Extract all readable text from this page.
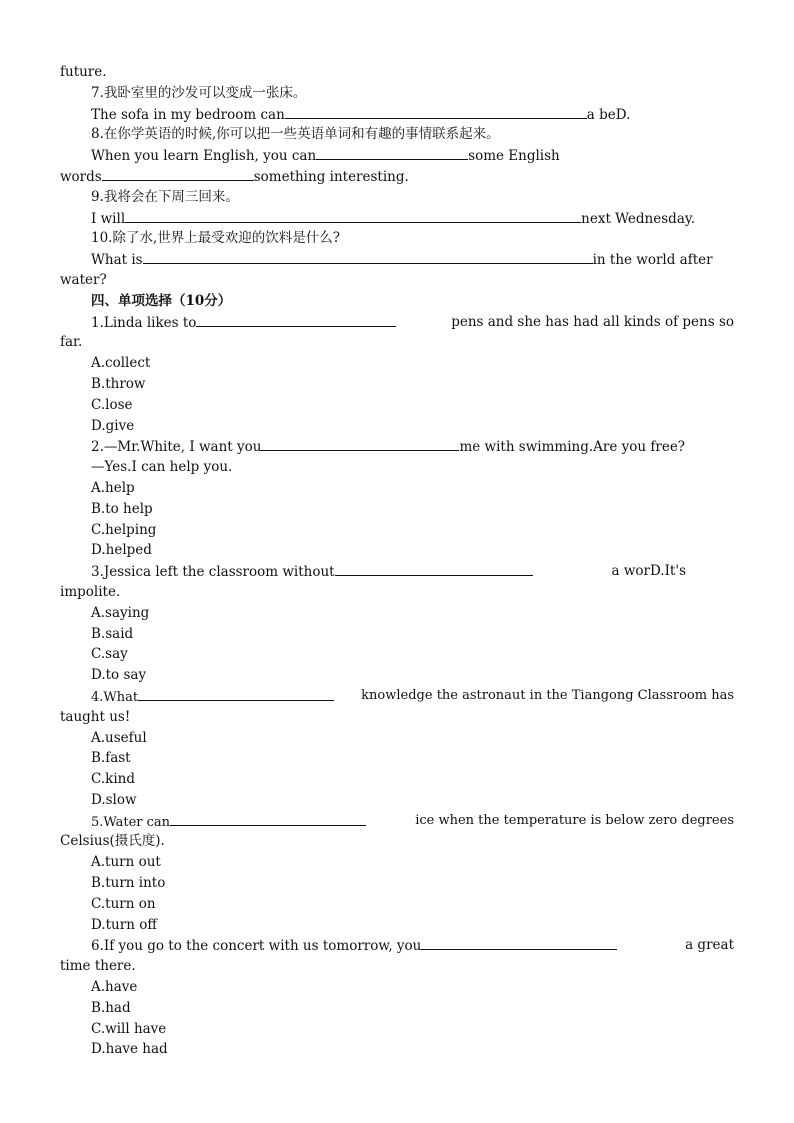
future.
7.我卧室里的沙发可以变成一张床。
The sofa in my bedroom can	a beD.
8.在你学英语的时候,你可以把一些英语单词和有趣的事情联系起来。
When you learn English, you can	some English
words	something interesting.
9.我将会在下周三回来。
I will	next Wednesday.
10.除了水,世界上最受欢迎的饮料是什么?
What is	in the world after
water?
四、单项选择（10分）
1.Linda likes to	pens and she has had all kinds of pens so
far.
A.collect
B.throw
C.lose
D.give
2.—Mr.White, I want you	me with swimming.Are you free?
—Yes.I can help you.
A.help
B.to help
C.helping
D.helped
3.Jessica left the classroom without	a worD.It's
impolite.
A.saying
B.said
C.say
D.to say
4.What	knowledge the astronaut in the Tiangong Classroom has
taught us!
A.useful
B.fast
C.kind
D.slow
5.Water can	ice when the temperature is below zero degrees
Celsius(摄氏度).
A.turn out
B.turn into
C.turn on
D.turn off
6.If you go to the concert with us tomorrow, you	a great
time there.
A.have
B.had
C.will have
D.have had
